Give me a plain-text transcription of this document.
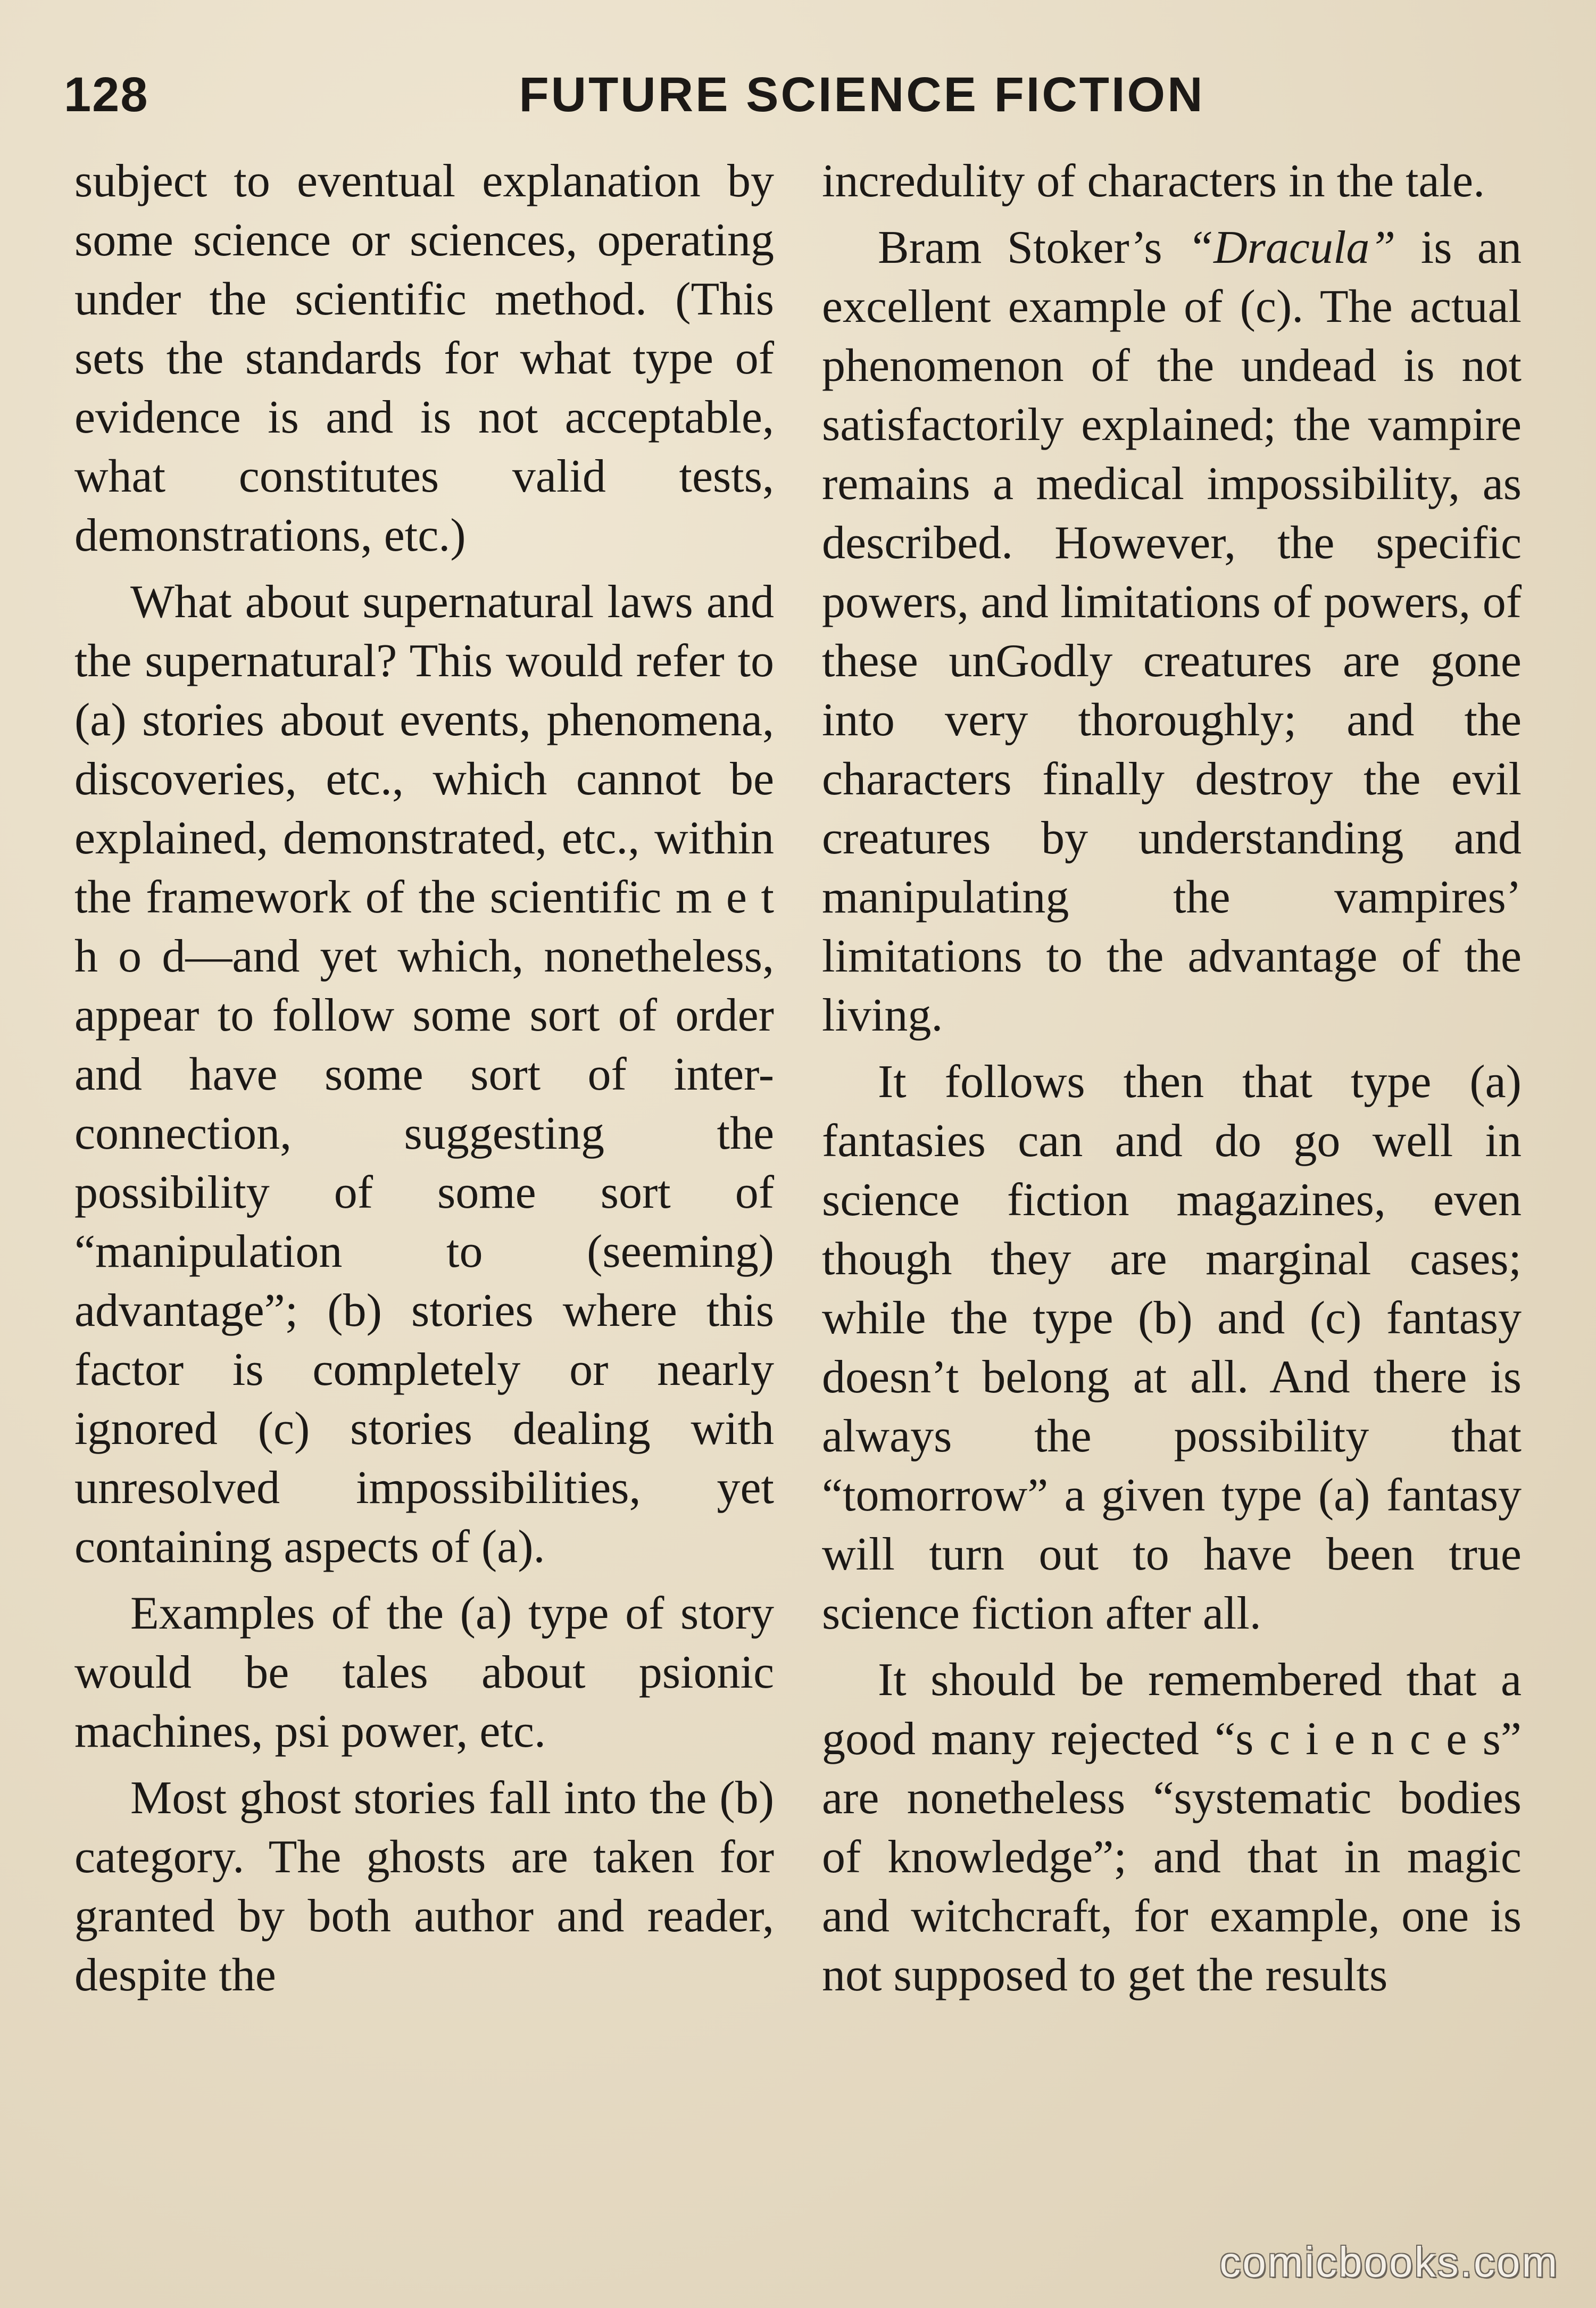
128	FUTURE SCIENCE FICTION

subject to eventual explanation by some science or sciences, operating under the scientific method. (This sets the standards for what type of evidence is and is not acceptable, what constitutes valid tests, demonstrations, etc.)

What about supernatural laws and the supernatural? This would refer to (a) stories about events, phenomena, discoveries, etc., which cannot be explained, demonstrated, etc., within the framework of the scientific m e t h o d—and yet which, nonetheless, appear to follow some sort of order and have some sort of inter-connection, suggesting the possibility of some sort of “manipulation to (seeming) advantage”; (b) stories where this factor is completely or nearly ignored (c) stories dealing with unresolved impossibilities, yet containing aspects of (a).

Examples of the (a) type of story would be tales about psionic machines, psi power, etc.

Most ghost stories fall into the (b) category. The ghosts are taken for granted by both author and reader, despite the

incredulity of characters in the tale.

Bram Stoker’s “Dracula” is an excellent example of (c). The actual phenomenon of the undead is not satisfactorily explained; the vampire remains a medical impossibility, as described. However, the specific powers, and limitations of powers, of these unGodly creatures are gone into very thoroughly; and the characters finally destroy the evil creatures by understanding and manipulating the vampires’ limitations to the advantage of the living.

It follows then that type (a) fantasies can and do go well in science fiction magazines, even though they are marginal cases; while the type (b) and (c) fantasy doesn’t belong at all. And there is always the possibility that “tomorrow” a given type (a) fantasy will turn out to have been true science fiction after all.

It should be remembered that a good many rejected “s c i e n c e s” are nonetheless “systematic bodies of knowledge”; and that in magic and witchcraft, for example, one is not supposed to get the results

comicbooks.com
